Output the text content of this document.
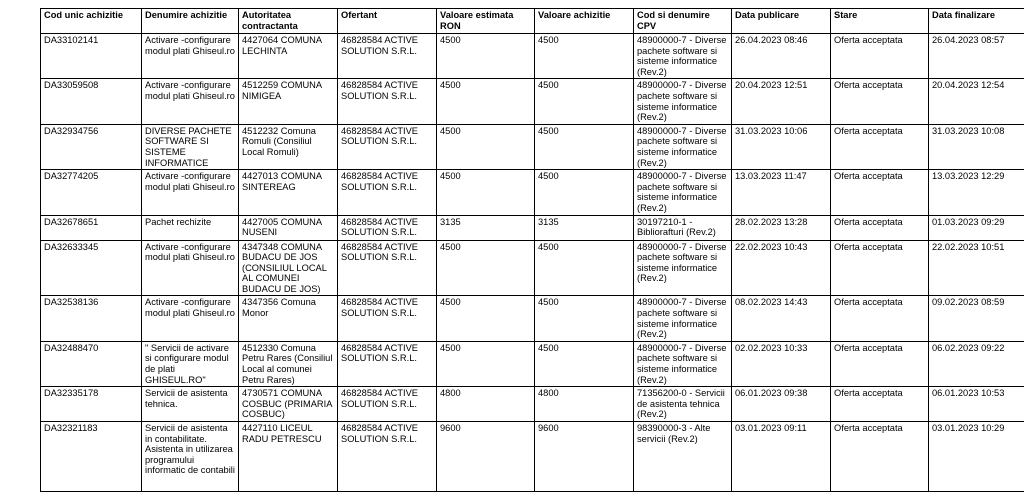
Cod unic achizitie	Denumire achizitie	Autoritatea contractanta	Ofertant	Valoare estimata RON	Valoare achizitie	Cod si denumire CPV	Data publicare	Stare	Data finalizare
DA33102141	Activare -configurare modul plati Ghiseul.ro	4427064 COMUNA LECHINTA	46828584 ACTIVE SOLUTION S.R.L.	4500	4500	48900000-7 - Diverse pachete software si sisteme informatice (Rev.2)	26.04.2023 08:46	Oferta acceptata	26.04.2023 08:57
DA33059508	Activare -configurare modul plati Ghiseul.ro	4512259 COMUNA NIMIGEA	46828584 ACTIVE SOLUTION S.R.L.	4500	4500	48900000-7 - Diverse pachete software si sisteme informatice (Rev.2)	20.04.2023 12:51	Oferta acceptata	20.04.2023 12:54
DA32934756	DIVERSE PACHETE SOFTWARE SI SISTEME INFORMATICE	4512232 Comuna Romuli (Consiliul Local Romuli)	46828584 ACTIVE SOLUTION S.R.L.	4500	4500	48900000-7 - Diverse pachete software si sisteme informatice (Rev.2)	31.03.2023 10:06	Oferta acceptata	31.03.2023 10:08
DA32774205	Activare -configurare modul plati Ghiseul.ro	4427013 COMUNA SINTEREAG	46828584 ACTIVE SOLUTION S.R.L.	4500	4500	48900000-7 - Diverse pachete software si sisteme informatice (Rev.2)	13.03.2023 11:47	Oferta acceptata	13.03.2023 12:29
DA32678651	Pachet rechizite	4427005 COMUNA NUSENI	46828584 ACTIVE SOLUTION S.R.L.	3135	3135	30197210-1 - Bibliorafturi (Rev.2)	28.02.2023 13:28	Oferta acceptata	01.03.2023 09:29
DA32633345	Activare -configurare modul plati Ghiseul.ro	4347348 COMUNA BUDACU DE JOS (CONSILIUL LOCAL AL COMUNEI BUDACU DE JOS)	46828584 ACTIVE SOLUTION S.R.L.	4500	4500	48900000-7 - Diverse pachete software si sisteme informatice (Rev.2)	22.02.2023 10:43	Oferta acceptata	22.02.2023 10:51
DA32538136	Activare -configurare modul plati Ghiseul.ro	4347356 Comuna Monor	46828584 ACTIVE SOLUTION S.R.L.	4500	4500	48900000-7 - Diverse pachete software si sisteme informatice (Rev.2)	08.02.2023 14:43	Oferta acceptata	09.02.2023 08:59
DA32488470	" Servicii de activare si configurare modul de plati GHISEUL.RO"	4512330 Comuna Petru Rares (Consiliul Local al comunei Petru Rares)	46828584 ACTIVE SOLUTION S.R.L.	4500	4500	48900000-7 - Diverse pachete software si sisteme informatice (Rev.2)	02.02.2023 10:33	Oferta acceptata	06.02.2023 09:22
DA32335178	Servicii de asistenta tehnica.	4730571 COMUNA COSBUC (PRIMARIA COSBUC)	46828584 ACTIVE SOLUTION S.R.L.	4800	4800	71356200-0 - Servicii de asistenta tehnica (Rev.2)	06.01.2023 09:38	Oferta acceptata	06.01.2023 10:53
DA32321183	Servicii de asistenta in contabilitate. Asistenta in utilizarea programului informatic de contabili	4427110 LICEUL RADU PETRESCU	46828584 ACTIVE SOLUTION S.R.L.	9600	9600	98390000-3 - Alte servicii (Rev.2)	03.01.2023 09:11	Oferta acceptata	03.01.2023 10:29
